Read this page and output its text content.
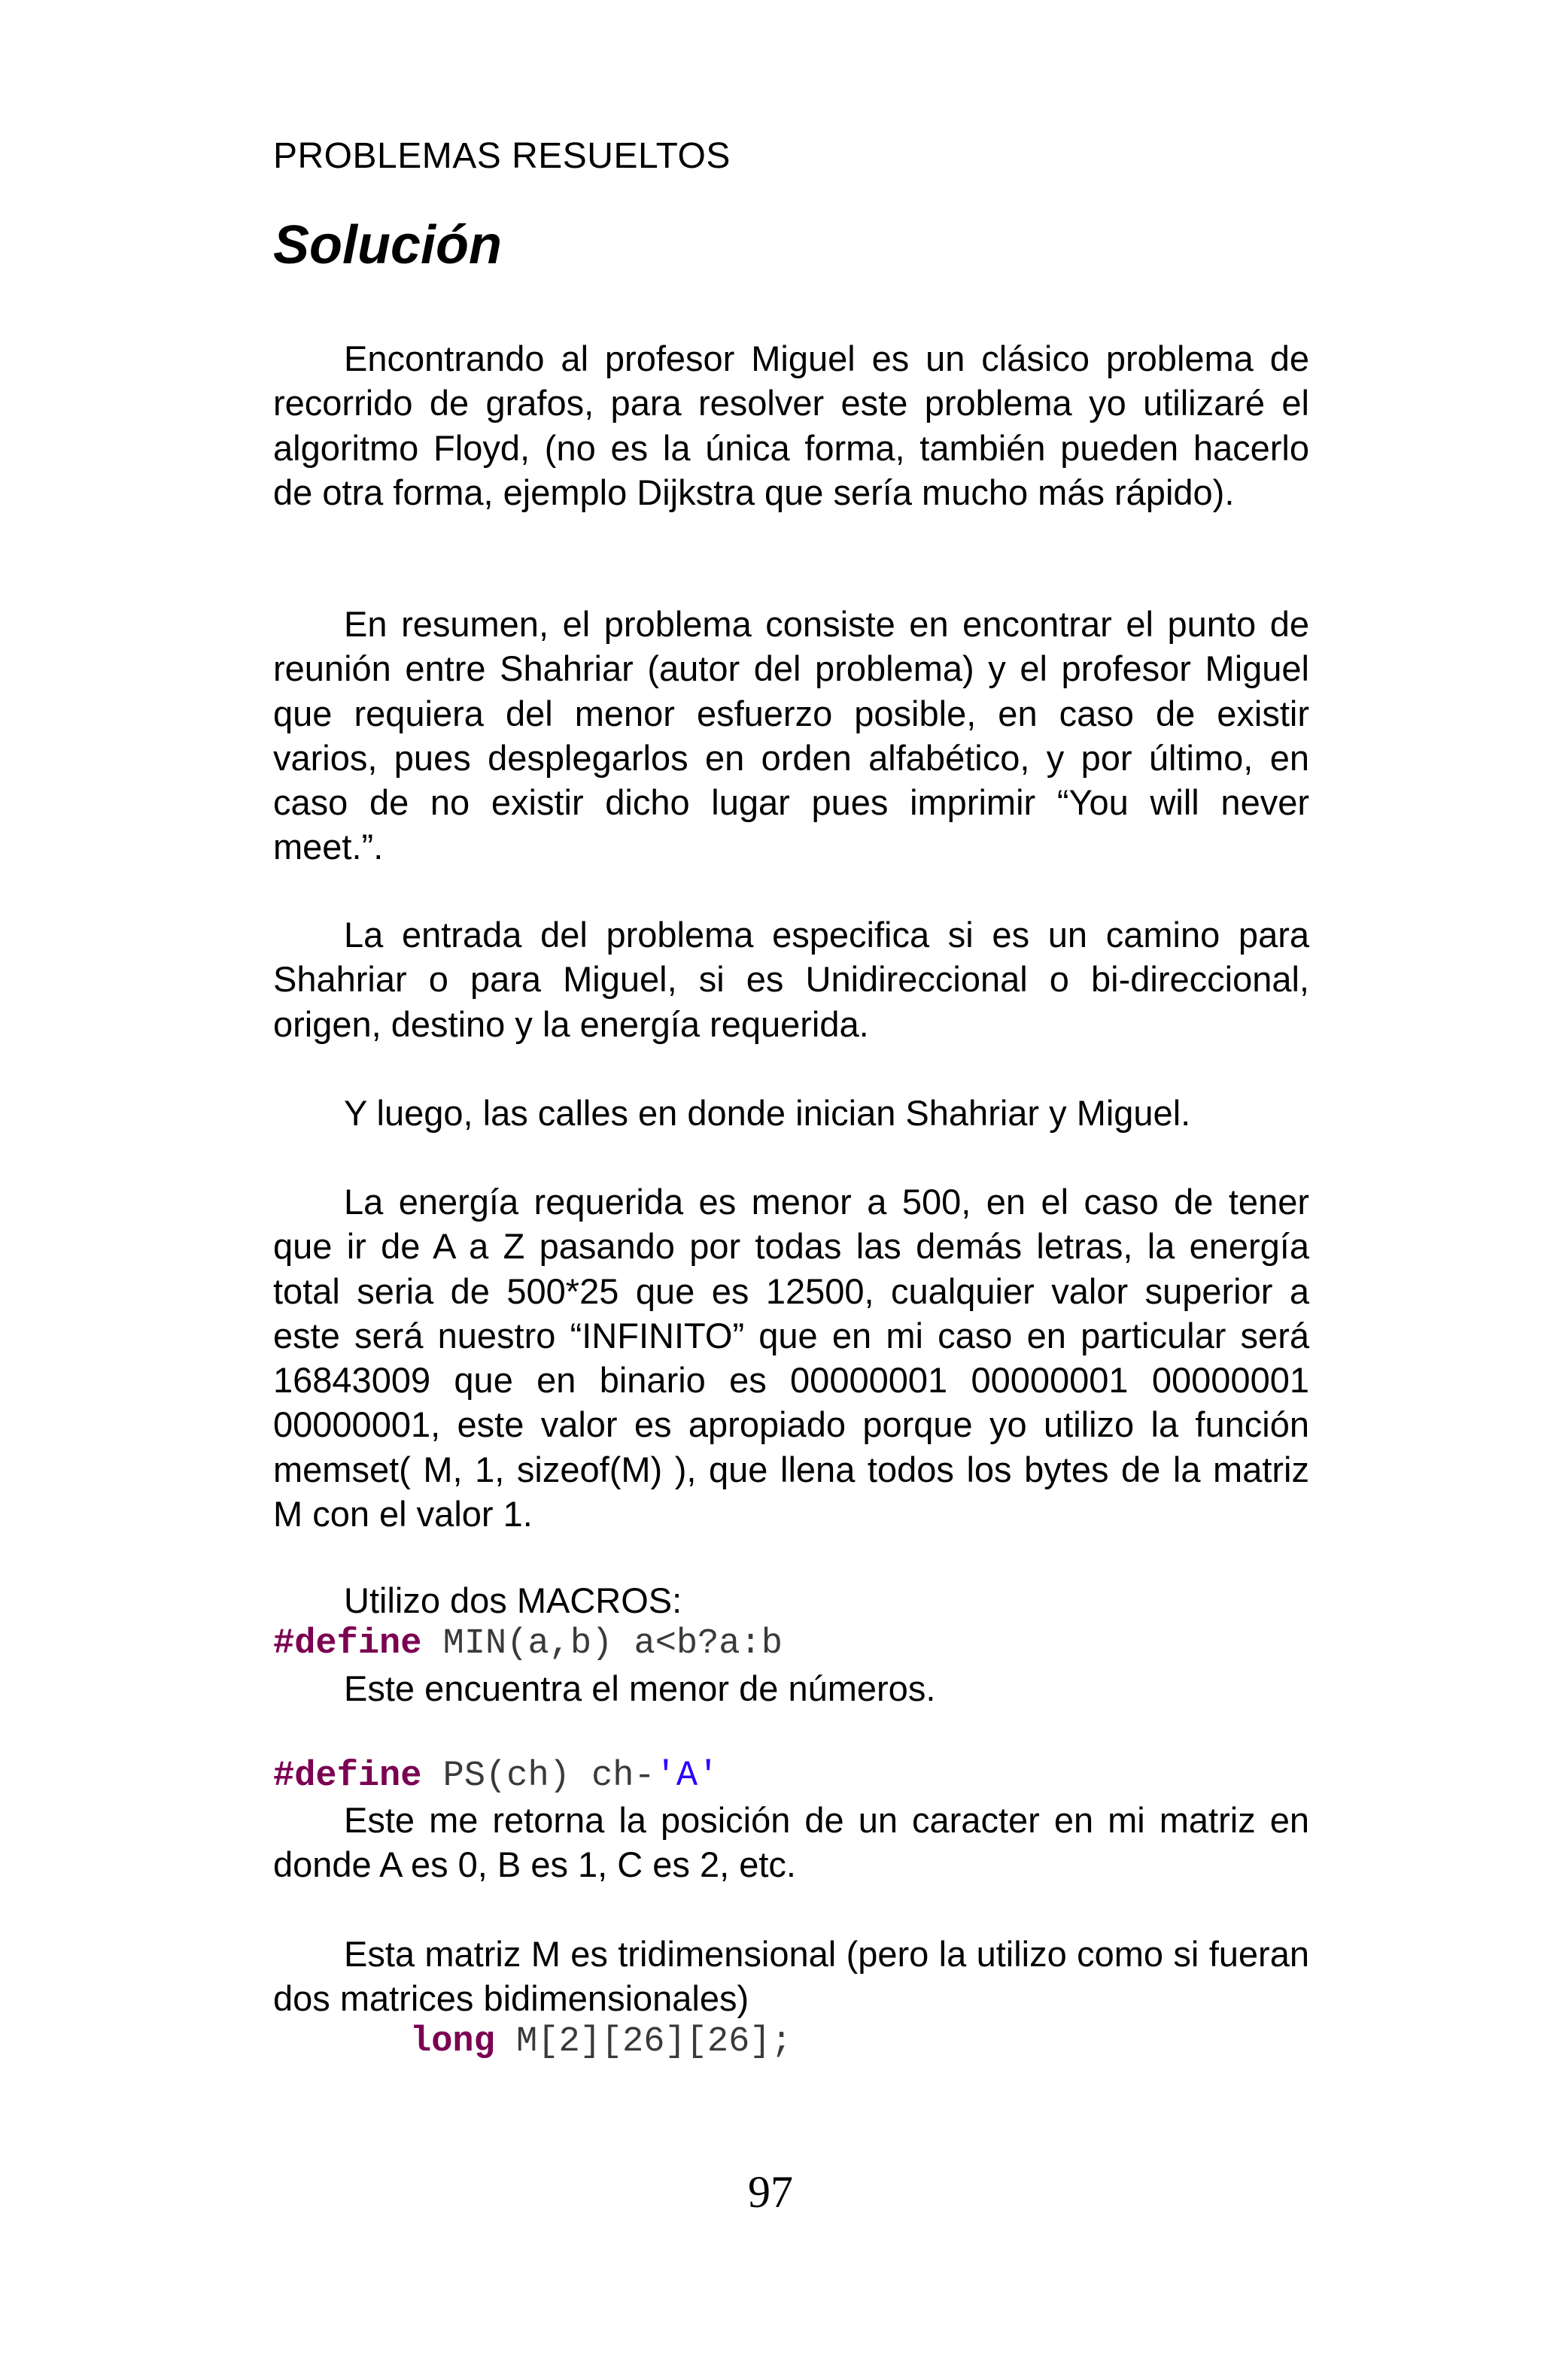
PROBLEMAS RESUELTOS
Solución
Encontrando al profesor Miguel es un clásico problema de recorrido de grafos, para resolver este problema yo utilizaré el algoritmo Floyd, (no es la única forma, también pueden hacerlo de otra forma, ejemplo Dijkstra que sería mucho más rápido).
En resumen, el problema consiste en encontrar el punto de reunión entre Shahriar (autor del problema) y el profesor Miguel que requiera del menor esfuerzo posible, en caso de existir varios, pues desplegarlos en orden alfabético, y por último, en caso de no existir dicho lugar pues imprimir “You will never meet.”.
La entrada del problema especifica si es un camino para Shahriar o para Miguel, si es Unidireccional o bi-direccional, origen, destino y la energía requerida.
Y luego, las calles en donde inician Shahriar y Miguel.
La energía requerida es menor a 500, en el caso de tener que ir de A a Z pasando por todas las demás letras, la energía total seria de 500*25 que es 12500, cualquier valor superior a este será nuestro “INFINITO” que en mi caso en particular será 16843009 que en binario es 00000001 00000001 00000001 00000001, este valor es apropiado porque yo utilizo la función memset( M, 1, sizeof(M) ), que llena todos los bytes de la matriz M con el valor 1.
Utilizo dos MACROS:
#define MIN(a,b) a<b?a:b
Este encuentra el menor de números.
#define PS(ch) ch-'A'
Este me retorna la posición de un caracter en mi matriz en donde A es 0, B es 1, C es 2, etc.
Esta matriz M es tridimensional (pero la utilizo como si fueran dos matrices bidimensionales)
long M[2][26][26];
97
